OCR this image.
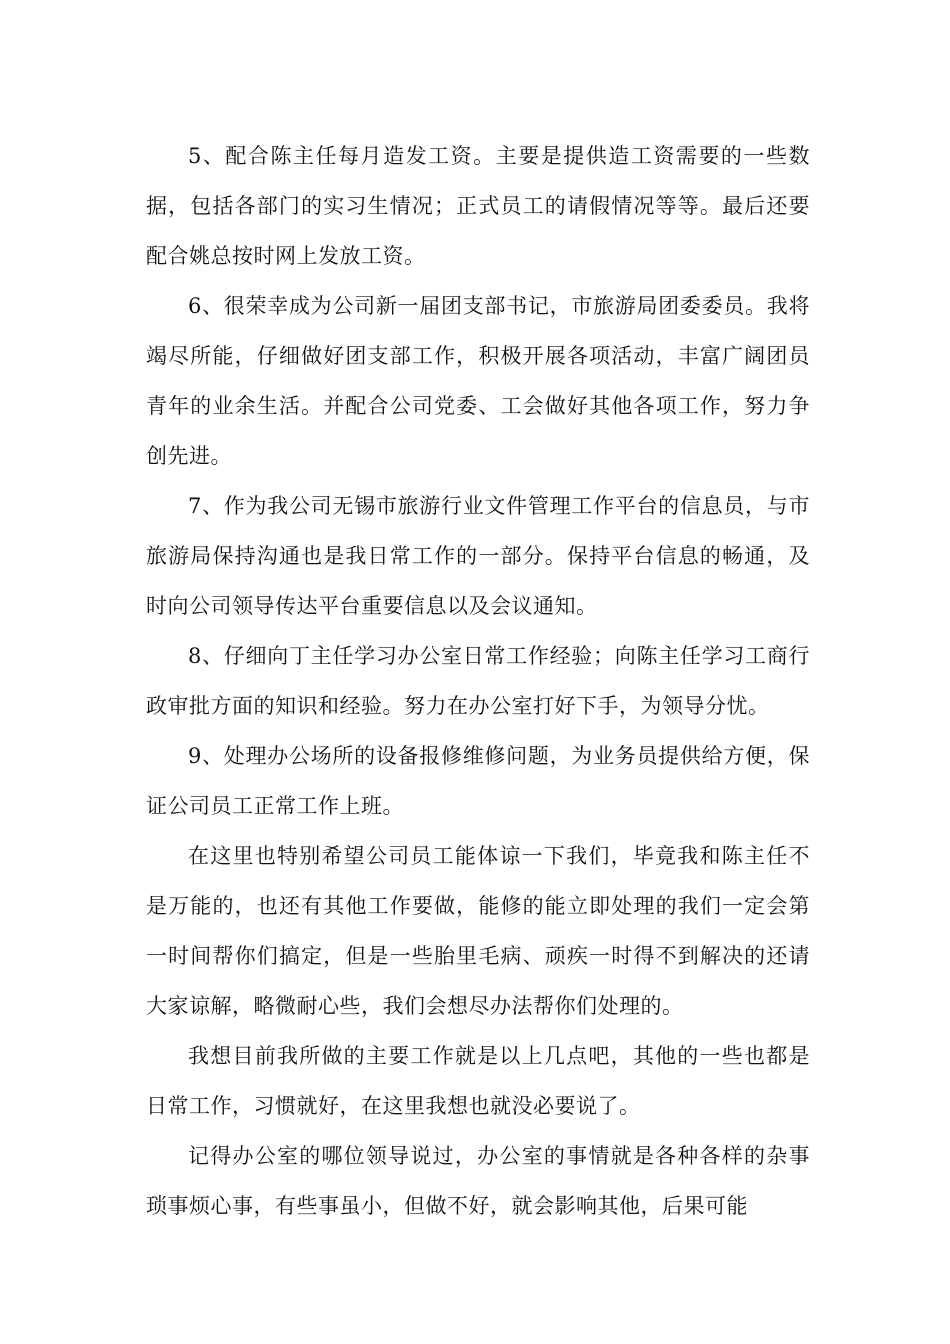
5、配合陈主任每月造发工资。主要是提供造工资需要的一些数据，包括各部门的实习生情况；正式员工的请假情况等等。最后还要配合姚总按时网上发放工资。

6、很荣幸成为公司新一届团支部书记，市旅游局团委委员。我将竭尽所能，仔细做好团支部工作，积极开展各项活动，丰富广阔团员青年的业余生活。并配合公司党委、工会做好其他各项工作，努力争创先进。

7、作为我公司无锡市旅游行业文件管理工作平台的信息员，与市旅游局保持沟通也是我日常工作的一部分。保持平台信息的畅通，及时向公司领导传达平台重要信息以及会议通知。

8、仔细向丁主任学习办公室日常工作经验；向陈主任学习工商行政审批方面的知识和经验。努力在办公室打好下手，为领导分忧。

9、处理办公场所的设备报修维修问题，为业务员提供给方便，保证公司员工正常工作上班。

在这里也特别希望公司员工能体谅一下我们，毕竟我和陈主任不是万能的，也还有其他工作要做，能修的能立即处理的我们一定会第一时间帮你们搞定，但是一些胎里毛病、顽疾一时得不到解决的还请大家谅解，略微耐心些，我们会想尽办法帮你们处理的。

我想目前我所做的主要工作就是以上几点吧，其他的一些也都是日常工作，习惯就好，在这里我想也就没必要说了。

记得办公室的哪位领导说过，办公室的事情就是各种各样的杂事琐事烦心事，有些事虽小，但做不好，就会影响其他，后果可能
